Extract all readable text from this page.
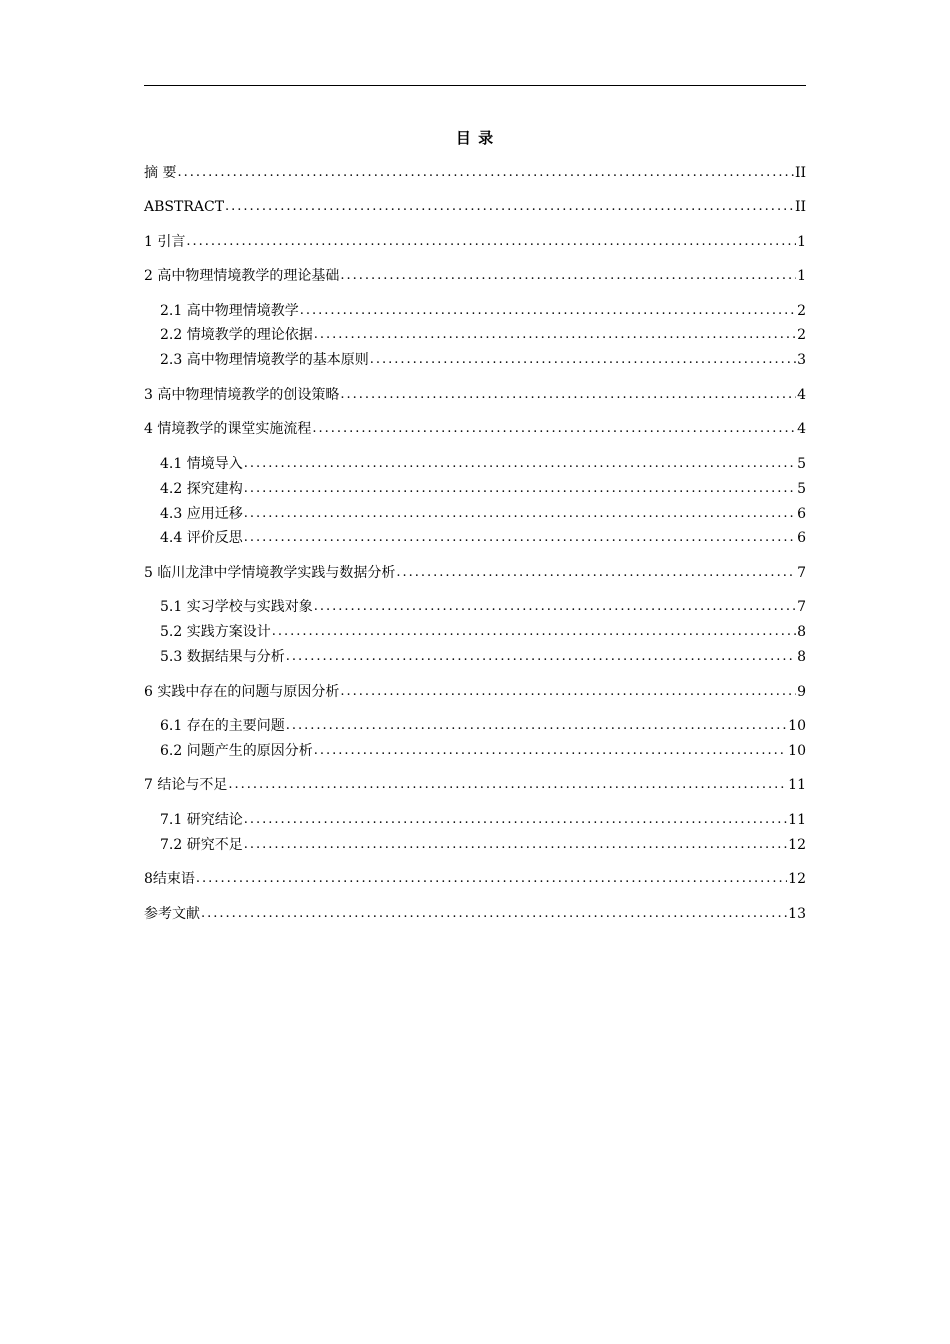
目 录
摘 要 .....	II
ABSTRACT .....	II
1 引言 .....	1
2 高中物理情境教学的理论基础 .....	1
2.1 高中物理情境教学 .....	2
2.2 情境教学的理论依据 .....	2
2.3 高中物理情境教学的基本原则 .....	3
3 高中物理情境教学的创设策略 .....	4
4 情境教学的课堂实施流程 .....	4
4.1 情境导入 .....	5
4.2 探究建构 .....	5
4.3 应用迁移 .....	6
4.4 评价反思 .....	6
5 临川龙津中学情境教学实践与数据分析 .....	7
5.1 实习学校与实践对象 .....	7
5.2 实践方案设计 .....	8
5.3 数据结果与分析 .....	8
6 实践中存在的问题与原因分析 .....	9
6.1 存在的主要问题 .....	10
6.2 问题产生的原因分析 .....	10
7 结论与不足 .....	11
7.1 研究结论 .....	11
7.2 研究不足 .....	12
8结束语 .....	12
参考文献 .....	13
